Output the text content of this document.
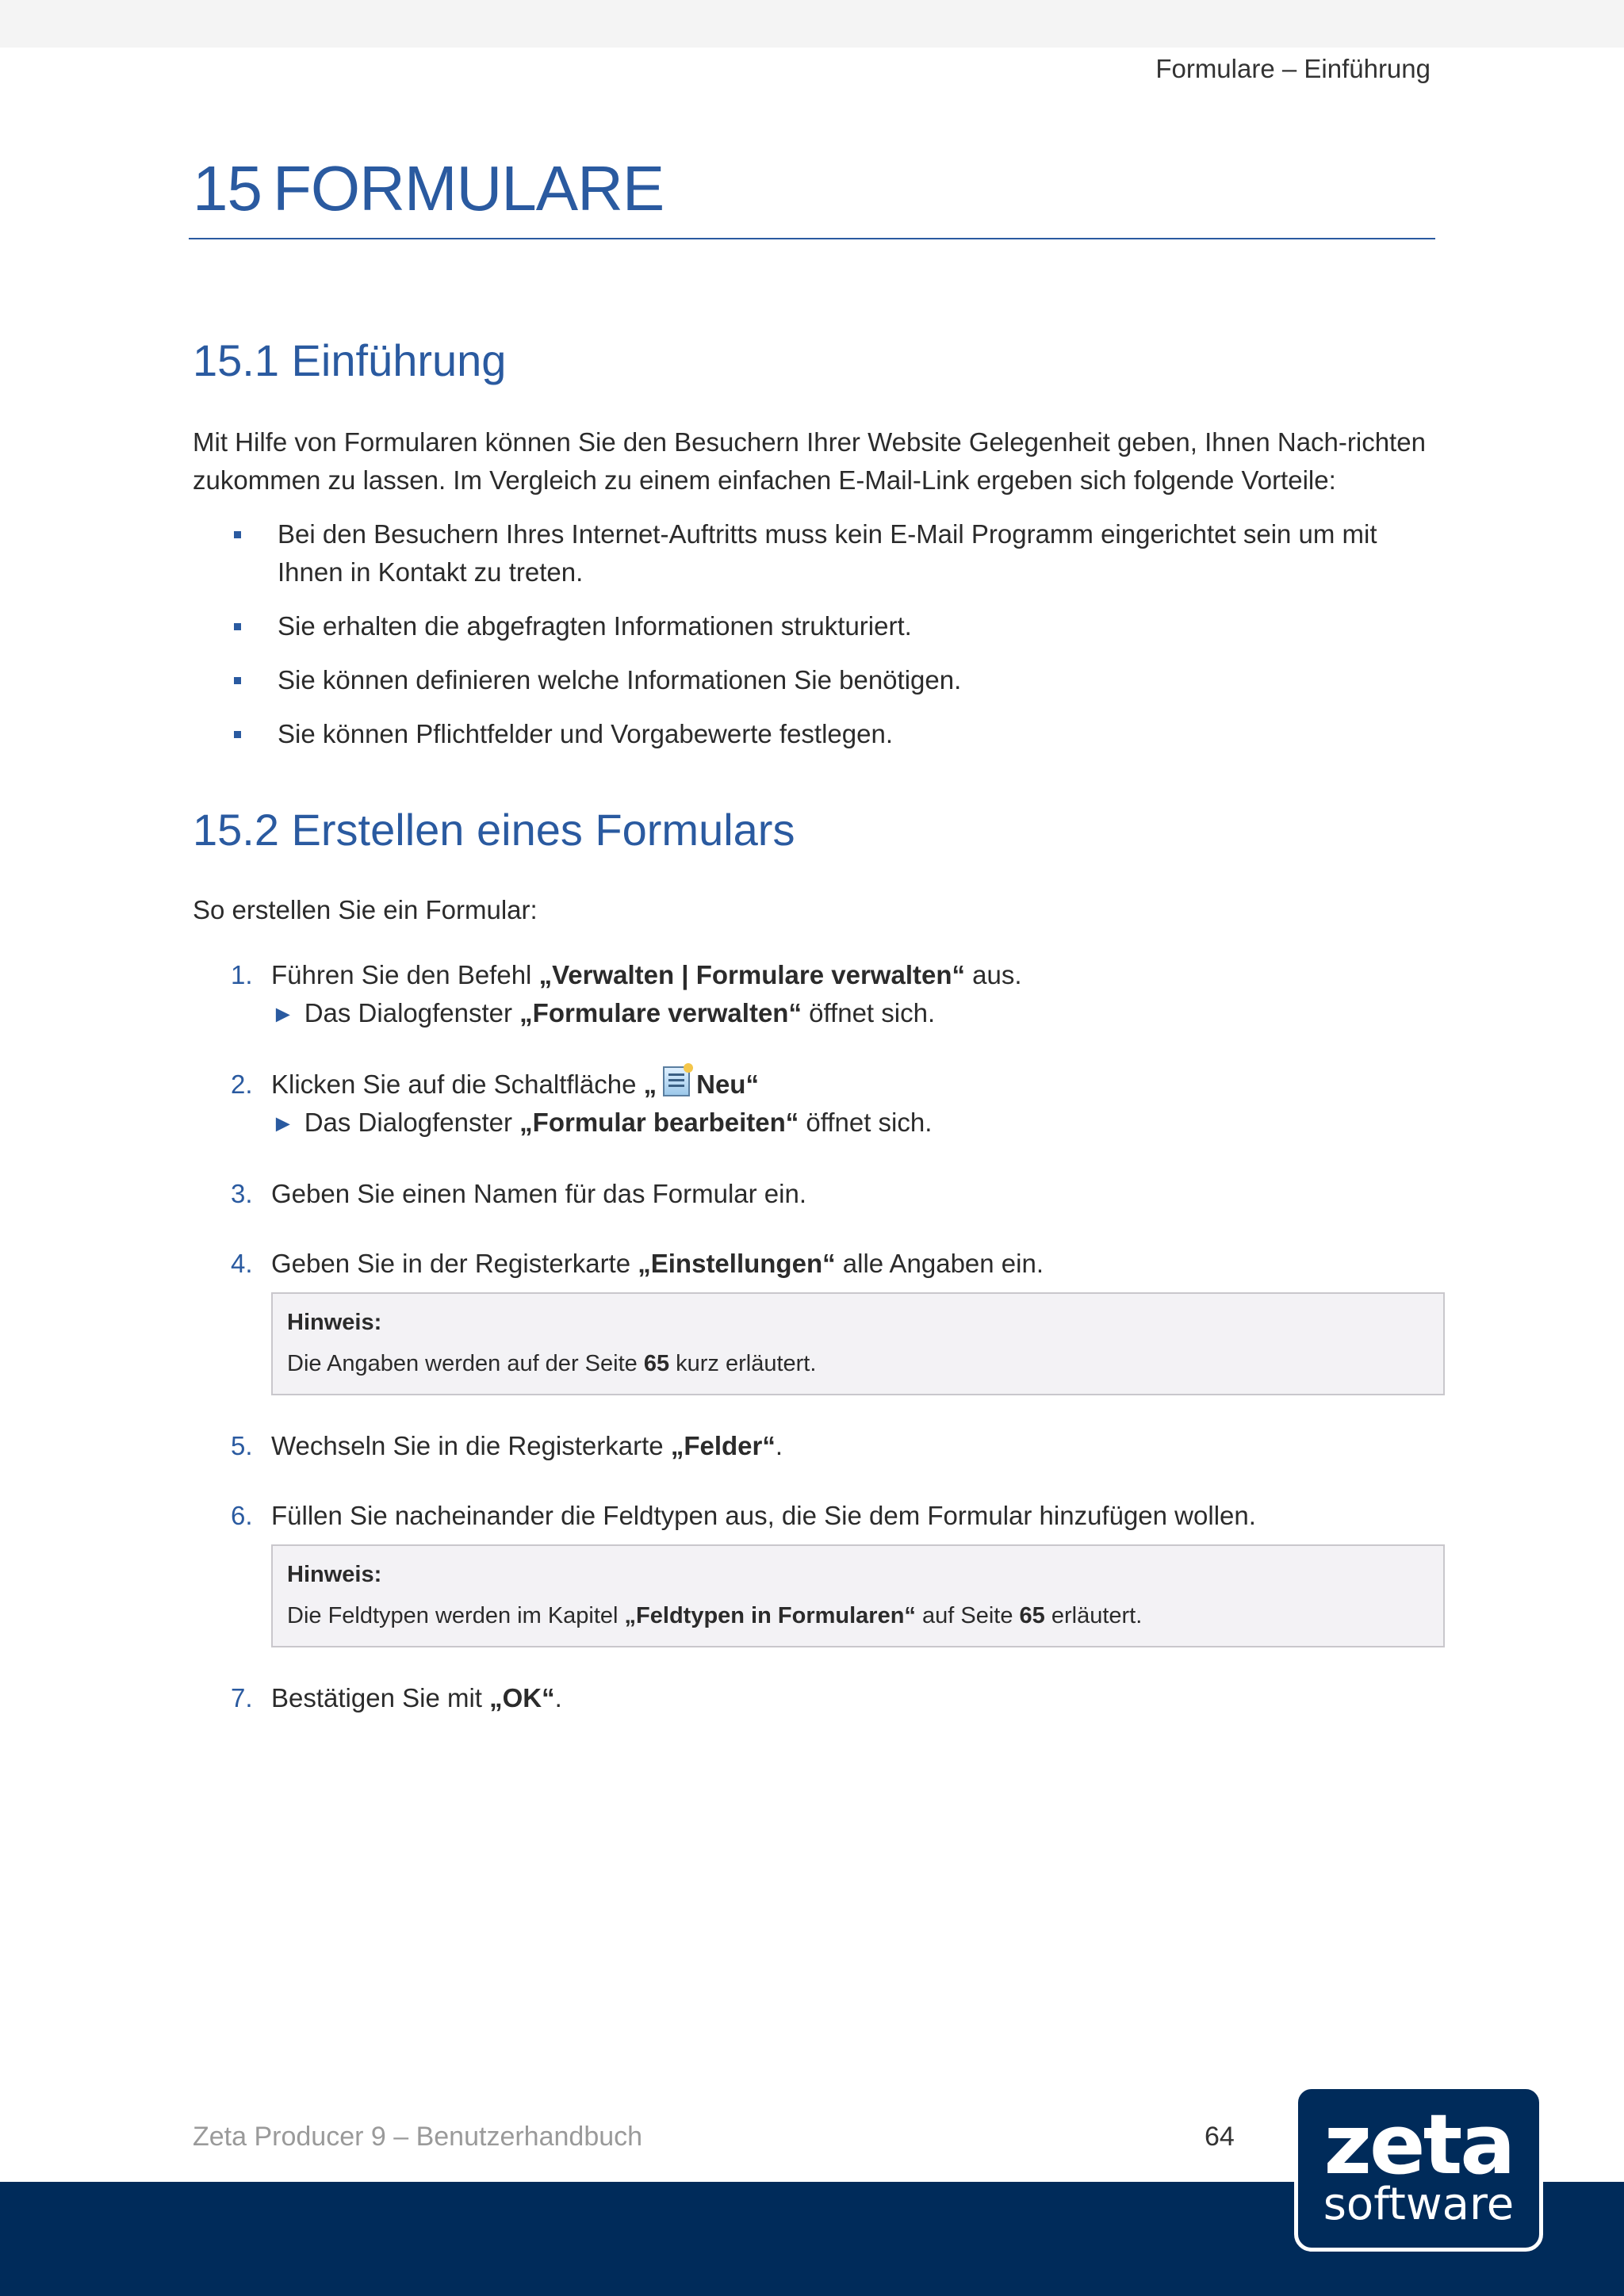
Formulare – Einführung
15 FORMULARE
15.1 Einführung

Mit Hilfe von Formularen können Sie den Besuchern Ihrer Website Gelegenheit geben, Ihnen Nach-richten zukommen zu lassen. Im Vergleich zu einem einfachen E-Mail-Link ergeben sich folgende Vorteile:

Bei den Besuchern Ihres Internet-Auftritts muss kein E-Mail Programm eingerichtet sein um mit Ihnen in Kontakt zu treten.
Sie erhalten die abgefragten Informationen strukturiert.
Sie können definieren welche Informationen Sie benötigen.
Sie können Pflichtfelder und Vorgabewerte festlegen.
15.2 Erstellen eines Formulars

So erstellen Sie ein Formular:

1. Führen Sie den Befehl „Verwalten | Formulare verwalten“ aus.
► Das Dialogfenster „Formulare verwalten“ öffnet sich.
2. Klicken Sie auf die Schaltfläche „ Neu“
► Das Dialogfenster „Formular bearbeiten“ öffnet sich.
3. Geben Sie einen Namen für das Formular ein.
4. Geben Sie in der Registerkarte „Einstellungen“ alle Angaben ein.
Hinweis:
Die Angaben werden auf der Seite 65 kurz erläutert.
5. Wechseln Sie in die Registerkarte „Felder“.
6. Füllen Sie nacheinander die Feldtypen aus, die Sie dem Formular hinzufügen wollen.
Hinweis:
Die Feldtypen werden im Kapitel „Feldtypen in Formularen“ auf Seite 65 erläutert.
7. Bestätigen Sie mit „OK“.
Zeta Producer 9 – Benutzerhandbuch	64 zeta
software
